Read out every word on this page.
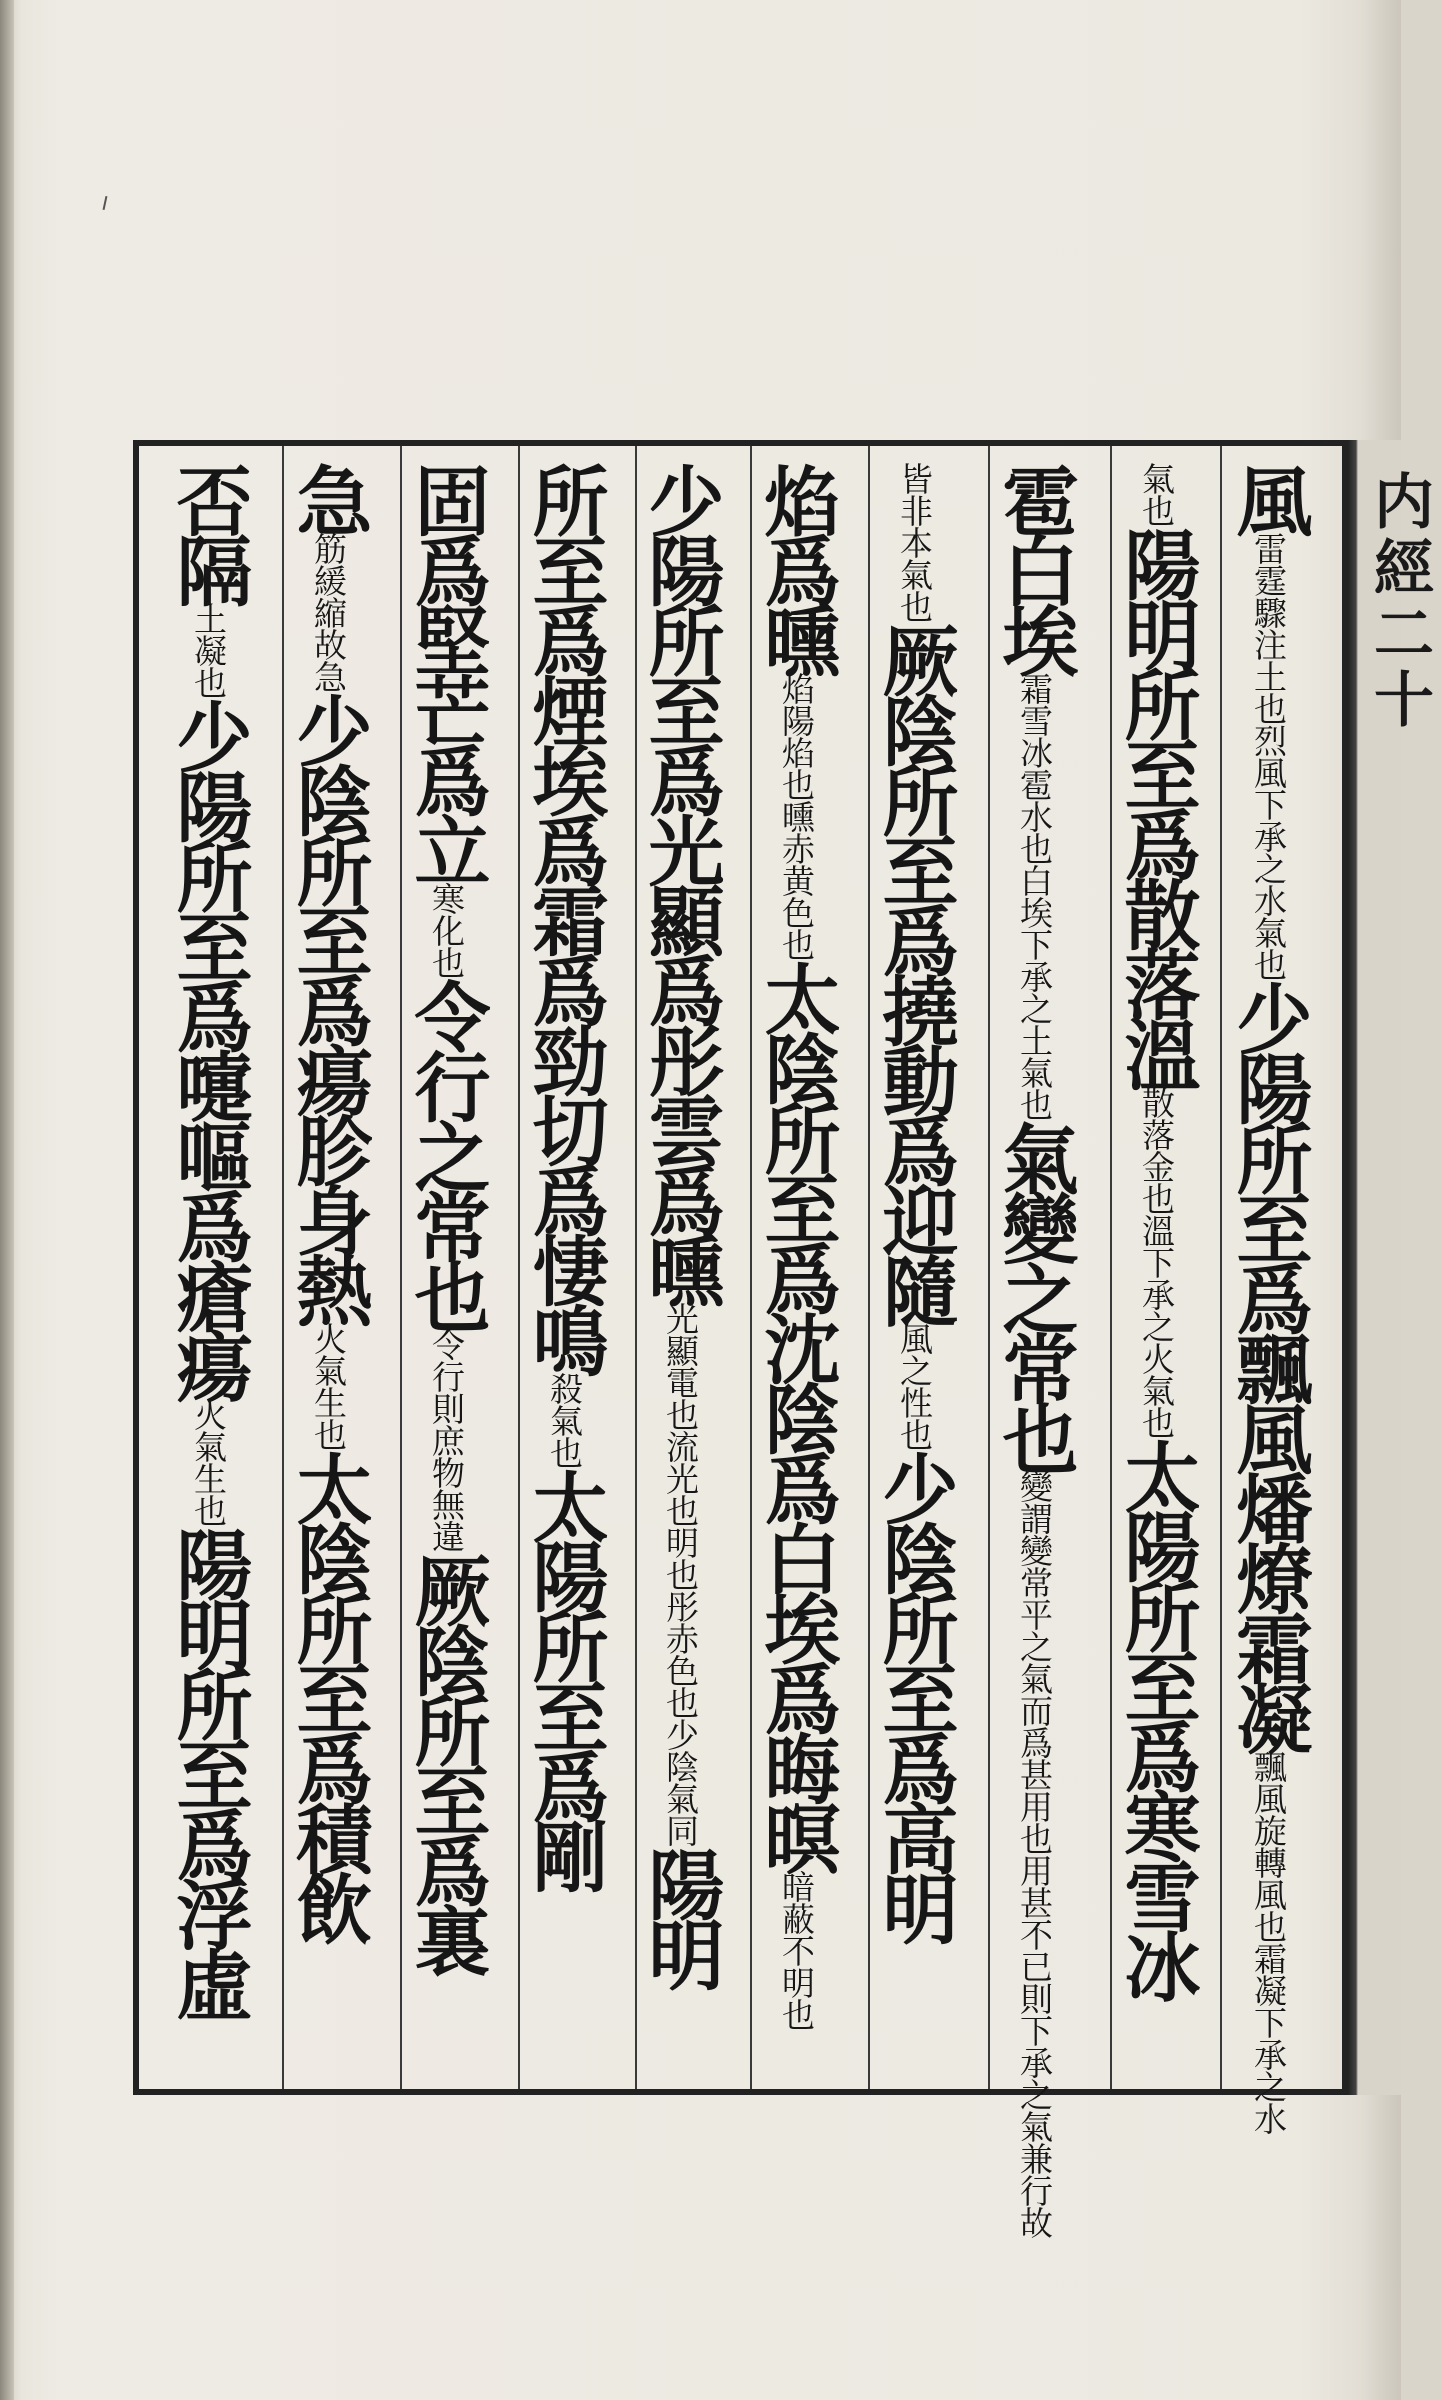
風雷霆驟注土也烈風下承之水氣也少陽所至爲飄風燔燎霜凝飄風旋轉風也霜凝下承之水
氣也陽明所至爲散落溫散落金也溫下承之火氣也太陽所至爲寒雪冰
雹白埃霜雪冰雹水也白埃下承之土氣也氣變之常也變謂變常平之氣而爲甚用也用甚不已則下承之氣兼行故
皆非本氣也厥陰所至爲撓動爲迎隨風之性也少陰所至爲高明
焰爲曛焰陽焰也曛赤黄色也太陰所至爲沈陰爲白埃爲晦暝暗蔽不明也
少陽所至爲光顯爲彤雲爲曛光顯電也流光也明也彤赤色也少陰氣同陽明
所至爲煙埃爲霜爲勁切爲悽鳴殺氣也太陽所至爲剛
固爲堅芒爲立寒化也令行之常也令行則庶物無違厥陰所至爲裏
急筋緩縮故急少陰所至爲瘍胗身熱火氣生也太陰所至爲積飲
否隔土凝也少陽所至爲嚏嘔爲瘡瘍火氣生也陽明所至爲浮虛
内經二十
